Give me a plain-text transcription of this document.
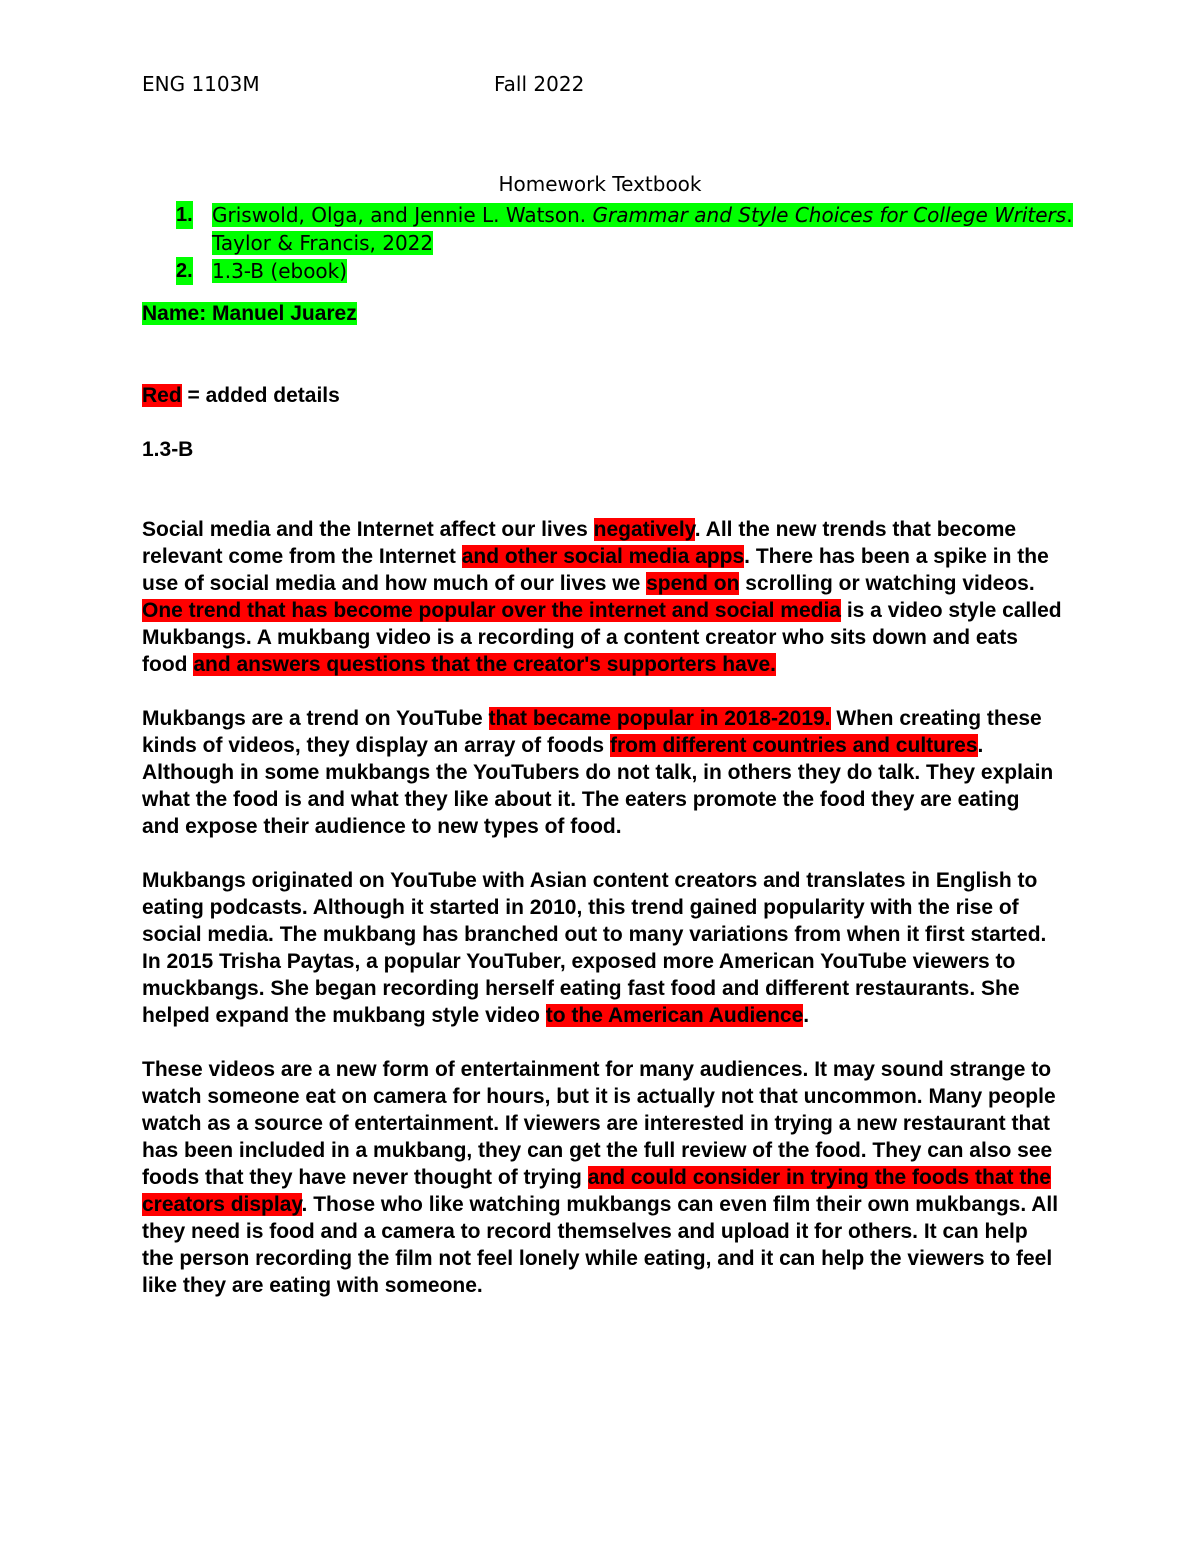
ENG 1103M	Fall 2022
Homework Textbook
1. Griswold, Olga, and Jennie L. Watson. Grammar and Style Choices for College Writers. Taylor & Francis, 2022
2. 1.3-B (ebook)
Name: Manuel Juarez
Red = added details
1.3-B

Social media and the Internet affect our lives negatively. All the new trends that become relevant come from the Internet and other social media apps. There has been a spike in the use of social media and how much of our lives we spend on scrolling or watching videos. One trend that has become popular over the internet and social media is a video style called Mukbangs. A mukbang video is a recording of a content creator who sits down and eats food and answers questions that the creator's supporters have.

Mukbangs are a trend on YouTube that became popular in 2018-2019. When creating these kinds of videos, they display an array of foods from different countries and cultures. Although in some mukbangs the YouTubers do not talk, in others they do talk. They explain what the food is and what they like about it. The eaters promote the food they are eating and expose their audience to new types of food.

Mukbangs originated on YouTube with Asian content creators and translates in English to eating podcasts. Although it started in 2010, this trend gained popularity with the rise of social media. The mukbang has branched out to many variations from when it first started. In 2015 Trisha Paytas, a popular YouTuber, exposed more American YouTube viewers to muckbangs. She began recording herself eating fast food and different restaurants. She helped expand the mukbang style video to the American Audience.

These videos are a new form of entertainment for many audiences. It may sound strange to watch someone eat on camera for hours, but it is actually not that uncommon. Many people watch as a source of entertainment. If viewers are interested in trying a new restaurant that has been included in a mukbang, they can get the full review of the food. They can also see foods that they have never thought of trying and could consider in trying the foods that the creators display. Those who like watching mukbangs can even film their own mukbangs. All they need is food and a camera to record themselves and upload it for others. It can help the person recording the film not feel lonely while eating, and it can help the viewers to feel like they are eating with someone.
